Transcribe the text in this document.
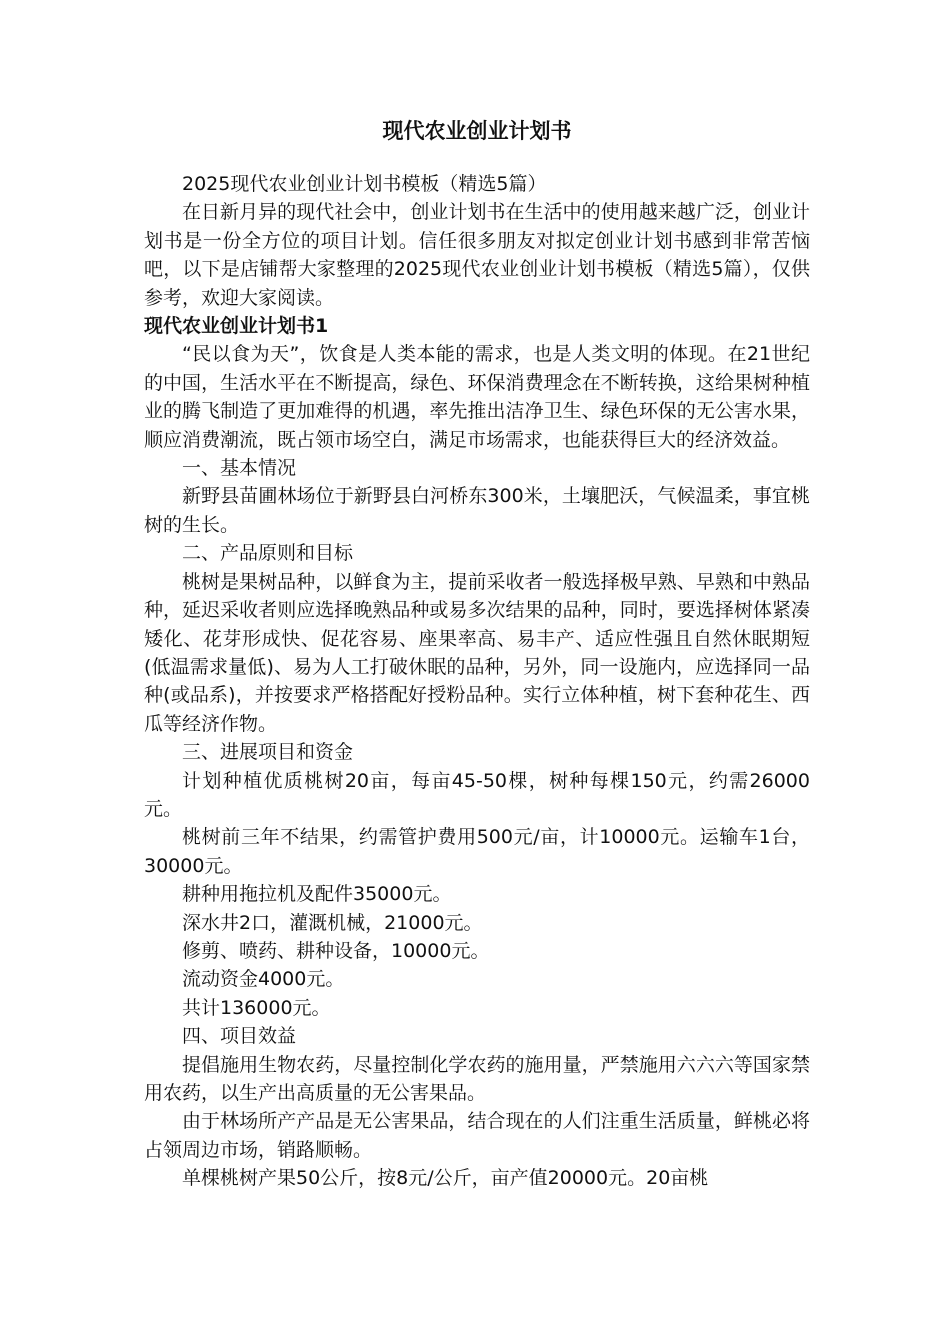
现代农业创业计划书

2025现代农业创业计划书模板（精选5篇）

在日新月异的现代社会中，创业计划书在生活中的使用越来越广泛，创业计划书是一份全方位的项目计划。信任很多朋友对拟定创业计划书感到非常苦恼吧，以下是店铺帮大家整理的2025现代农业创业计划书模板（精选5篇），仅供参考，欢迎大家阅读。

现代农业创业计划书1

“民以食为天”，饮食是人类本能的需求，也是人类文明的体现。在21世纪的中国，生活水平在不断提高，绿色、环保消费理念在不断转换，这给果树种植业的腾飞制造了更加难得的机遇，率先推出洁净卫生、绿色环保的无公害水果，顺应消费潮流，既占领市场空白，满足市场需求，也能获得巨大的经济效益。

一、基本情况

新野县苗圃林场位于新野县白河桥东300米，土壤肥沃，气候温柔，事宜桃树的生长。

二、产品原则和目标

桃树是果树品种，以鲜食为主，提前采收者一般选择极早熟、早熟和中熟品种，延迟采收者则应选择晚熟品种或易多次结果的品种，同时，要选择树体紧凑矮化、花芽形成快、促花容易、座果率高、易丰产、适应性强且自然休眠期短(低温需求量低)、易为人工打破休眠的品种，另外，同一设施内，应选择同一品种(或品系)，并按要求严格搭配好授粉品种。实行立体种植，树下套种花生、西瓜等经济作物。

三、进展项目和资金

计划种植优质桃树20亩，每亩45-50棵，树种每棵150元，约需26000元。

桃树前三年不结果，约需管护费用500元/亩，计10000元。运输车1台，30000元。

耕种用拖拉机及配件35000元。

深水井2口，灌溉机械，21000元。

修剪、喷药、耕种设备，10000元。

流动资金4000元。

共计136000元。

四、项目效益

提倡施用生物农药，尽量控制化学农药的施用量，严禁施用六六六等国家禁用农药，以生产出高质量的无公害果品。

由于林场所产产品是无公害果品，结合现在的人们注重生活质量，鲜桃必将占领周边市场，销路顺畅。

单棵桃树产果50公斤，按8元/公斤，亩产值20000元。20亩桃
